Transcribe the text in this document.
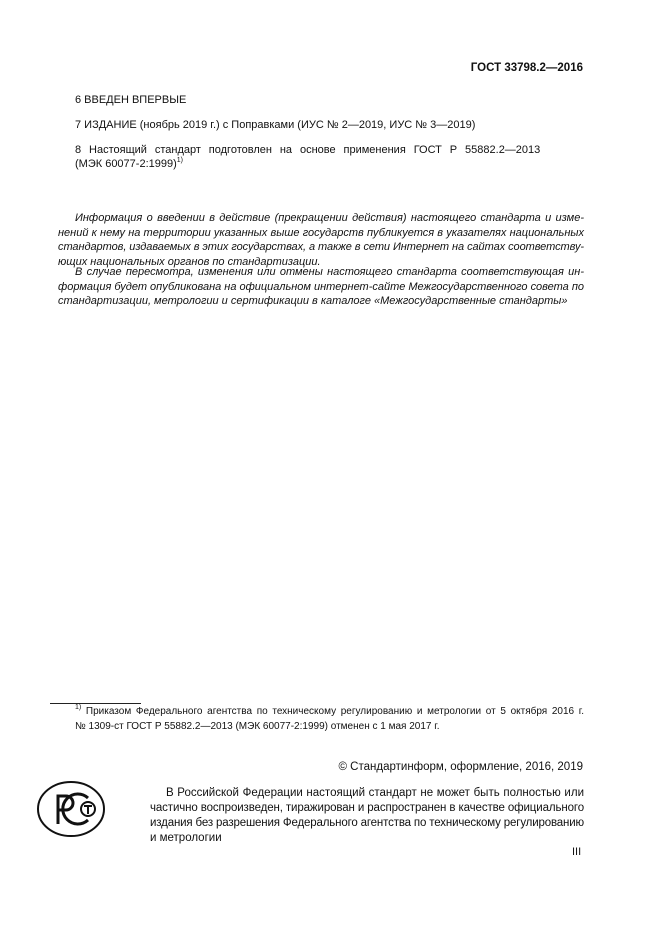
ГОСТ 33798.2—2016
6 ВВЕДЕН ВПЕРВЫЕ
7 ИЗДАНИЕ (ноябрь 2019 г.) с Поправками (ИУС № 2—2019, ИУС № 3—2019)
8 Настоящий стандарт подготовлен на основе применения ГОСТ Р 55882.2—2013
(МЭК 60077-2:1999)$^{1)}$
Информация о введении в действие (прекращении действия) настоящего стандарта и изме-
нений к нему на территории указанных выше государств публикуется в указателях национальных
стандартов, издаваемых в этих государствах, а также в сети Интернет на сайтах соответству-
ющих национальных органов по стандартизации.
В случае пересмотра, изменения или отмены настоящего стандарта соответствующая ин-
формация будет опубликована на официальном интернет-сайте Межгосударственного совета по
стандартизации, метрологии и сертификации в каталоге «Межгосударственные стандарты»
$^{1)}$ Приказом Федерального агентства по техническому регулированию и метрологии от 5 октября 2016 г.
№ 1309-ст ГОСТ Р 55882.2—2013 (МЭК 60077-2:1999) отменен с 1 мая 2017 г.
© Стандартинформ, оформление, 2016, 2019
В Российской Федерации настоящий стандарт не может быть полностью или
частично воспроизведен, тиражирован и распространен в качестве официального
издания без разрешения Федерального агентства по техническому регулированию
и метрологии
III
